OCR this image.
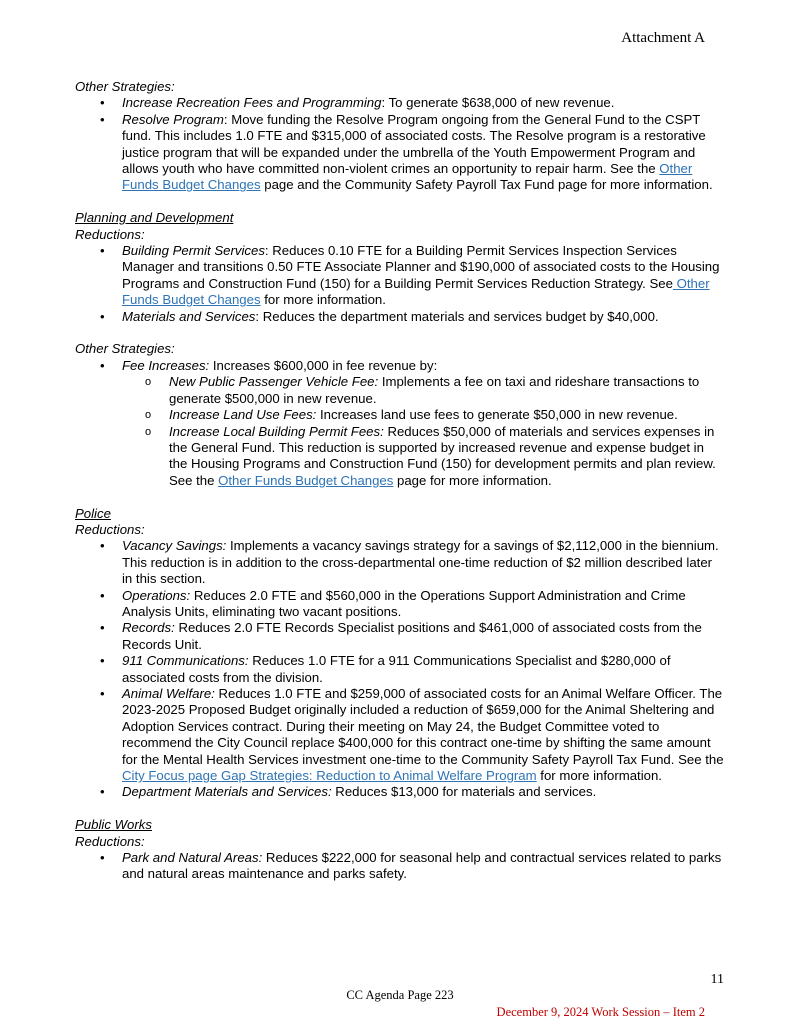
Attachment A
Other Strategies:
• Increase Recreation Fees and Programming: To generate $638,000 of new revenue.
• Resolve Program: Move funding the Resolve Program ongoing from the General Fund to the CSPT fund. This includes 1.0 FTE and $315,000 of associated costs. The Resolve program is a restorative justice program that will be expanded under the umbrella of the Youth Empowerment Program and allows youth who have committed non-violent crimes an opportunity to repair harm. See the Other Funds Budget Changes page and the Community Safety Payroll Tax Fund page for more information.
Planning and Development
Reductions:
• Building Permit Services: Reduces 0.10 FTE for a Building Permit Services Inspection Services Manager and transitions 0.50 FTE Associate Planner and $190,000 of associated costs to the Housing Programs and Construction Fund (150) for a Building Permit Services Reduction Strategy. See Other Funds Budget Changes for more information.
• Materials and Services: Reduces the department materials and services budget by $40,000.
Other Strategies:
• Fee Increases: Increases $600,000 in fee revenue by:
o New Public Passenger Vehicle Fee: Implements a fee on taxi and rideshare transactions to generate $500,000 in new revenue.
o Increase Land Use Fees: Increases land use fees to generate $50,000 in new revenue.
o Increase Local Building Permit Fees: Reduces $50,000 of materials and services expenses in the General Fund. This reduction is supported by increased revenue and expense budget in the Housing Programs and Construction Fund (150) for development permits and plan review. See the Other Funds Budget Changes page for more information.
Police
Reductions:
• Vacancy Savings: Implements a vacancy savings strategy for a savings of $2,112,000 in the biennium. This reduction is in addition to the cross-departmental one-time reduction of $2 million described later in this section.
• Operations: Reduces 2.0 FTE and $560,000 in the Operations Support Administration and Crime Analysis Units, eliminating two vacant positions.
• Records: Reduces 2.0 FTE Records Specialist positions and $461,000 of associated costs from the Records Unit.
• 911 Communications: Reduces 1.0 FTE for a 911 Communications Specialist and $280,000 of associated costs from the division.
• Animal Welfare: Reduces 1.0 FTE and $259,000 of associated costs for an Animal Welfare Officer. The 2023-2025 Proposed Budget originally included a reduction of $659,000 for the Animal Sheltering and Adoption Services contract. During their meeting on May 24, the Budget Committee voted to recommend the City Council replace $400,000 for this contract one-time by shifting the same amount for the Mental Health Services investment one-time to the Community Safety Payroll Tax Fund. See the City Focus page Gap Strategies: Reduction to Animal Welfare Program for more information.
• Department Materials and Services: Reduces $13,000 for materials and services.
Public Works
Reductions:
• Park and Natural Areas: Reduces $222,000 for seasonal help and contractual services related to parks and natural areas maintenance and parks safety.
11
CC Agenda Page 223
December 9, 2024 Work Session – Item 2
